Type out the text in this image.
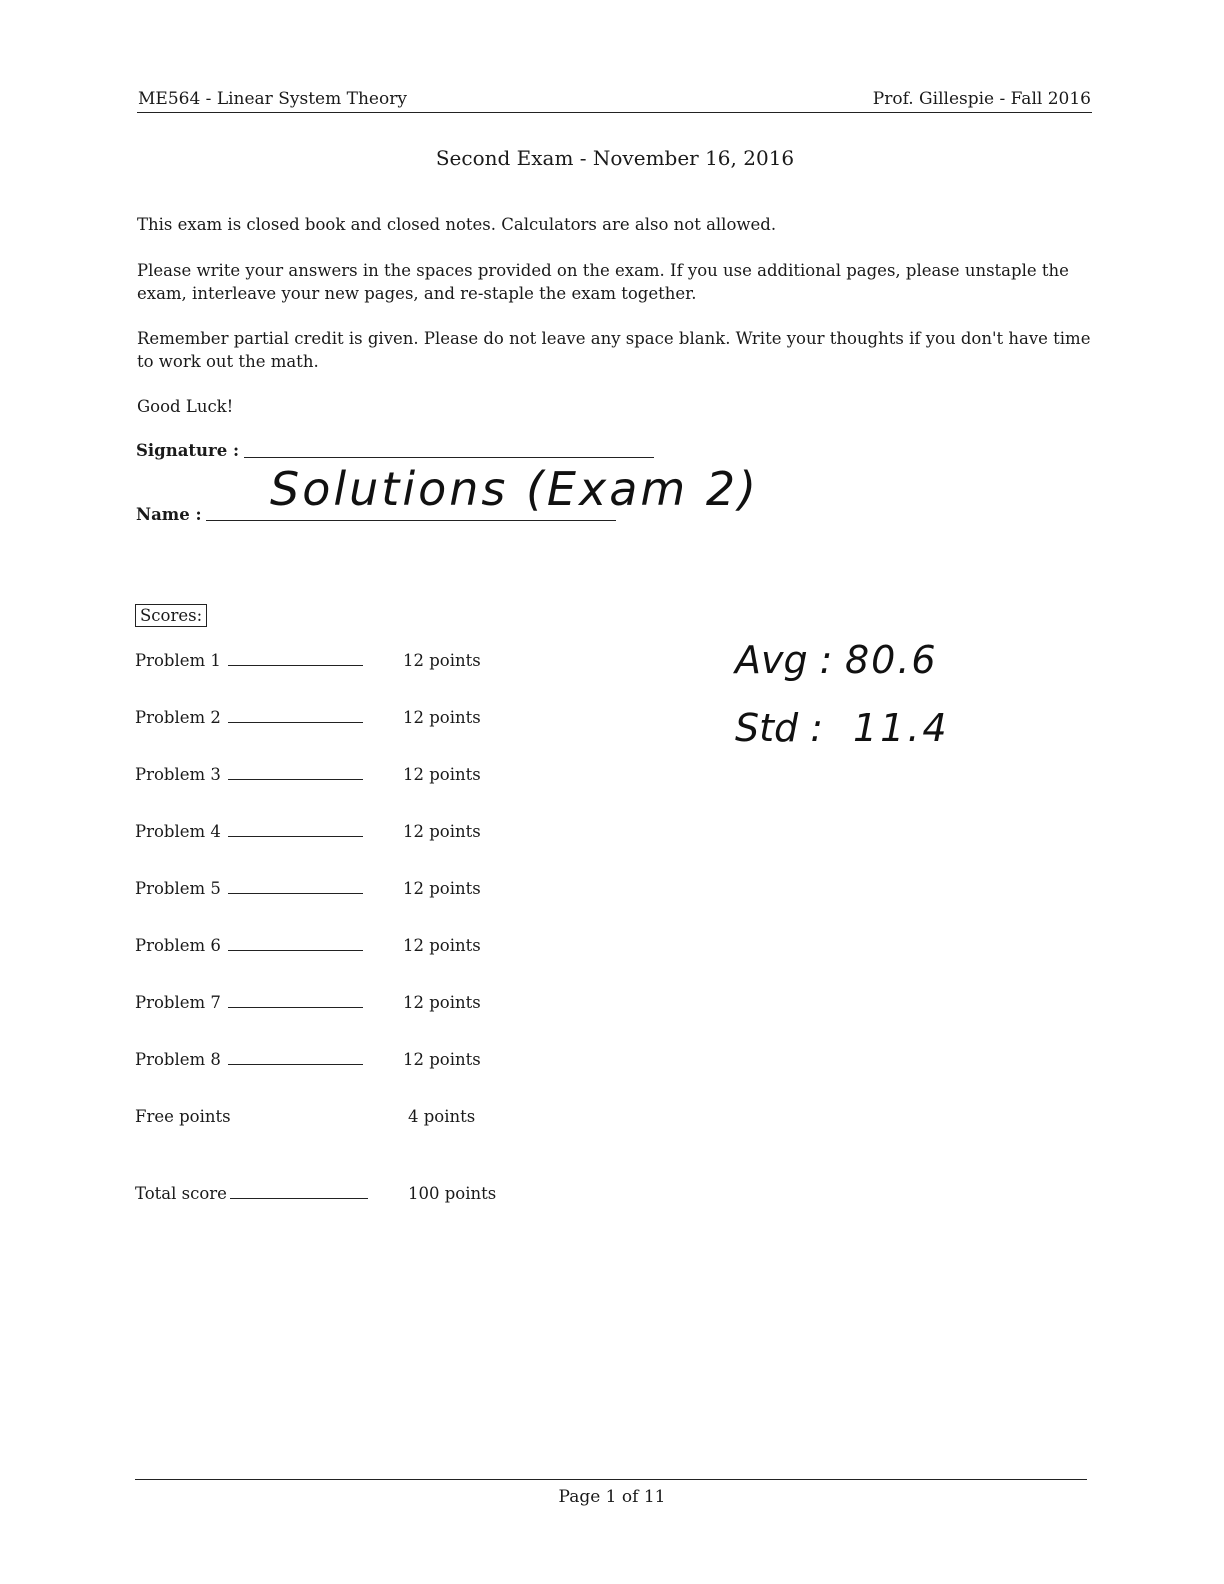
ME564 - Linear System Theory	Prof. Gillespie - Fall 2016
Second Exam - November 16, 2016
This exam is closed book and closed notes. Calculators are also not allowed.
Please write your answers in the spaces provided on the exam. If you use additional pages, please unstaple the exam, interleave your new pages, and re-staple the exam together.
Remember partial credit is given. Please do not leave any space blank. Write your thoughts if you don't have time to work out the math.
Good Luck!
Signature :
Name : Solutions (Exam 2)
Scores:
Problem 1	12 points
Problem 2	12 points
Problem 3	12 points
Problem 4	12 points
Problem 5	12 points
Problem 6	12 points
Problem 7	12 points
Problem 8	12 points
Free points	4 points
Total score	100 points
Avg : 80.6
Std : 11.4
Page 1 of 11
